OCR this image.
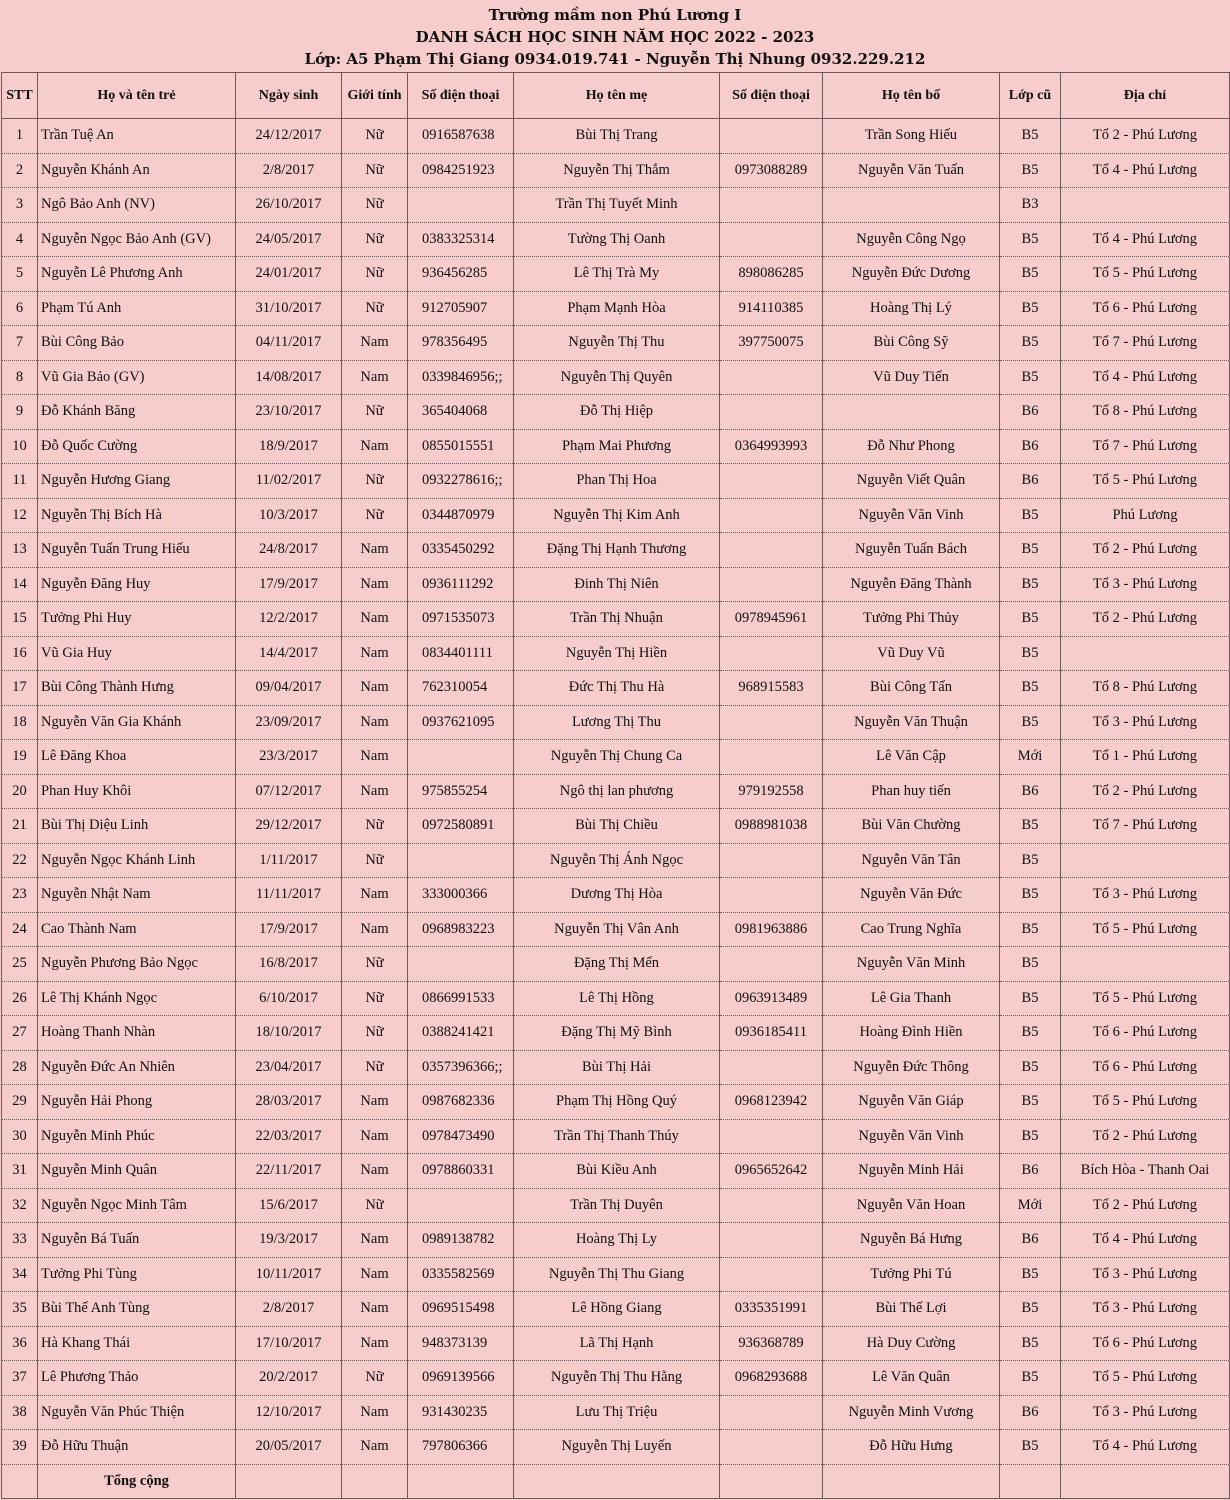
Trường mầm non Phú Lương I
DANH SÁCH HỌC SINH NĂM HỌC 2022 - 2023
Lớp: A5 Phạm Thị Giang 0934.019.741 - Nguyễn Thị Nhung 0932.229.212
STT	Họ và tên trẻ	Ngày sinh	Giới tính	Số điện thoại	Họ tên mẹ	Số điện thoại	Họ tên bố	Lớp cũ	Địa chỉ
1	Trần Tuệ An	24/12/2017	Nữ	0916587638	Bùi Thị Trang		Trần Song Hiếu	B5	Tổ 2 - Phú Lương
2	Nguyễn Khánh An	2/8/2017	Nữ	0984251923	Nguyễn Thị Thắm	0973088289	Nguyễn Văn Tuấn	B5	Tổ 4 - Phú Lương
3	Ngô Bảo Anh (NV)	26/10/2017	Nữ		Trần Thị Tuyết Minh			B3	
4	Nguyễn Ngọc Bảo Anh (GV)	24/05/2017	Nữ	0383325314	Tường Thị Oanh		Nguyễn Công Ngọ	B5	Tổ 4 - Phú Lương
5	Nguyễn Lê Phương Anh	24/01/2017	Nữ	936456285	Lê Thị Trà My	898086285	Nguyễn Đức Dương	B5	Tổ 5 - Phú Lương
6	Phạm Tú Anh	31/10/2017	Nữ	912705907	Phạm Mạnh Hòa	914110385	Hoàng Thị Lý	B5	Tổ 6 - Phú Lương
7	Bùi Công Bảo	04/11/2017	Nam	978356495	Nguyễn Thị Thu	397750075	Bùi Công Sỹ	B5	Tổ 7 - Phú Lương
8	Vũ Gia Bảo (GV)	14/08/2017	Nam	0339846956;;	Nguyễn Thị Quyên		Vũ Duy Tiến	B5	Tổ 4 - Phú Lương
9	Đỗ Khánh Băng	23/10/2017	Nữ	365404068	Đỗ Thị Hiệp			B6	Tổ 8 - Phú Lương
10	Đỗ Quốc Cường	18/9/2017	Nam	0855015551	Phạm Mai Phương	0364993993	Đỗ Như Phong	B6	Tổ 7 - Phú Lương
11	Nguyễn Hương Giang	11/02/2017	Nữ	0932278616;;	Phan Thị Hoa		Nguyễn Viết Quân	B6	Tổ 5 - Phú Lương
12	Nguyễn Thị Bích Hà	10/3/2017	Nữ	0344870979	Nguyễn Thị Kim Anh		Nguyễn Văn Vinh	B5	Phú Lương
13	Nguyễn Tuấn Trung Hiếu	24/8/2017	Nam	0335450292	Đặng Thị Hạnh Thương		Nguyễn Tuấn Bách	B5	Tổ 2 - Phú Lương
14	Nguyễn Đăng Huy	17/9/2017	Nam	0936111292	Đinh Thị Niên		Nguyễn Đăng Thành	B5	Tổ 3 - Phú Lương
15	Tưởng Phi Huy	12/2/2017	Nam	0971535073	Trần Thị Nhuận	0978945961	Tưởng Phi Thủy	B5	Tổ 2 - Phú Lương
16	Vũ Gia Huy	14/4/2017	Nam	0834401111	Nguyễn Thị Hiền		Vũ Duy Vũ	B5	
17	Bùi Công Thành Hưng	09/04/2017	Nam	762310054	Đức Thị Thu Hà	968915583	Bùi Công Tấn	B5	Tổ 8 - Phú Lương
18	Nguyễn Văn Gia Khánh	23/09/2017	Nam	0937621095	Lương Thị Thu		Nguyễn Văn Thuận	B5	Tổ 3 - Phú Lương
19	Lê Đăng Khoa	23/3/2017	Nam		Nguyễn Thị Chung Ca		Lê Văn Cập	Mới	Tổ 1 - Phú Lương
20	Phan Huy Khôi	07/12/2017	Nam	975855254	Ngô thị lan phương	979192558	Phan huy tiến	B6	Tổ 2 - Phú Lương
21	Bùi Thị Diệu Linh	29/12/2017	Nữ	0972580891	Bùi Thị Chiều	0988981038	Bùi Văn Chường	B5	Tổ 7 - Phú Lương
22	Nguyễn Ngọc Khánh Linh	1/11/2017	Nữ		Nguyễn Thị Ánh Ngọc		Nguyễn Văn Tân	B5	
23	Nguyễn Nhật Nam	11/11/2017	Nam	333000366	Dương Thị Hòa		Nguyễn Văn Đức	B5	Tổ 3 - Phú Lương
24	Cao Thành Nam	17/9/2017	Nam	0968983223	Nguyễn Thị Vân Anh	0981963886	Cao Trung Nghĩa	B5	Tổ 5 - Phú Lương
25	Nguyễn Phương Bảo Ngọc	16/8/2017	Nữ		Đặng Thị Mến		Nguyễn Văn Minh	B5	
26	Lê Thị Khánh Ngọc	6/10/2017	Nữ	0866991533	Lê Thị Hồng	0963913489	Lê Gia Thanh	B5	Tổ 5 - Phú Lương
27	Hoàng Thanh Nhàn	18/10/2017	Nữ	0388241421	Đặng Thị Mỹ Bình	0936185411	Hoàng Đình Hiền	B5	Tổ 6 - Phú Lương
28	Nguyễn Đức An Nhiên	23/04/2017	Nữ	0357396366;;	Bùi Thị Hải		Nguyễn Đức Thông	B5	Tổ 6 - Phú Lương
29	Nguyễn Hải Phong	28/03/2017	Nam	0987682336	Phạm Thị Hồng Quý	0968123942	Nguyễn Văn Giáp	B5	Tổ 5 - Phú Lương
30	Nguyễn Minh Phúc	22/03/2017	Nam	0978473490	Trần Thị Thanh Thúy		Nguyễn Văn Vinh	B5	Tổ 2 - Phú Lương
31	Nguyễn Minh Quân	22/11/2017	Nam	0978860331	Bùi Kiều Anh	0965652642	Nguyễn Minh Hải	B6	Bích Hòa - Thanh Oai
32	Nguyễn Ngọc Minh Tâm	15/6/2017	Nữ		Trần Thị Duyên		Nguyễn Văn Hoan	Mới	Tổ 2 - Phú Lương
33	Nguyễn Bá Tuấn	19/3/2017	Nam	0989138782	Hoàng Thị Ly		Nguyễn Bá Hưng	B6	Tổ 4 - Phú Lương
34	Tưởng Phi Tùng	10/11/2017	Nam	0335582569	Nguyễn Thị Thu Giang		Tưởng Phi Tú	B5	Tổ 3 - Phú Lương
35	Bùi Thế Anh Tùng	2/8/2017	Nam	0969515498	Lê Hồng Giang	0335351991	Bùi Thế Lợi	B5	Tổ 3 - Phú Lương
36	Hà Khang Thái	17/10/2017	Nam	948373139	Lã Thị Hạnh	936368789	Hà Duy Cường	B5	Tổ 6 - Phú Lương
37	Lê Phương Thảo	20/2/2017	Nữ	0969139566	Nguyễn Thị Thu Hằng	0968293688	Lê Văn Quân	B5	Tổ 5 - Phú Lương
38	Nguyễn Văn Phúc Thiện	12/10/2017	Nam	931430235	Lưu Thị Triệu		Nguyễn Minh Vương	B6	Tổ 3 - Phú Lương
39	Đỗ Hữu Thuận	20/05/2017	Nam	797806366	Nguyễn Thị Luyến		Đỗ Hữu Hưng	B5	Tổ 4 - Phú Lương
	Tổng cộng								
